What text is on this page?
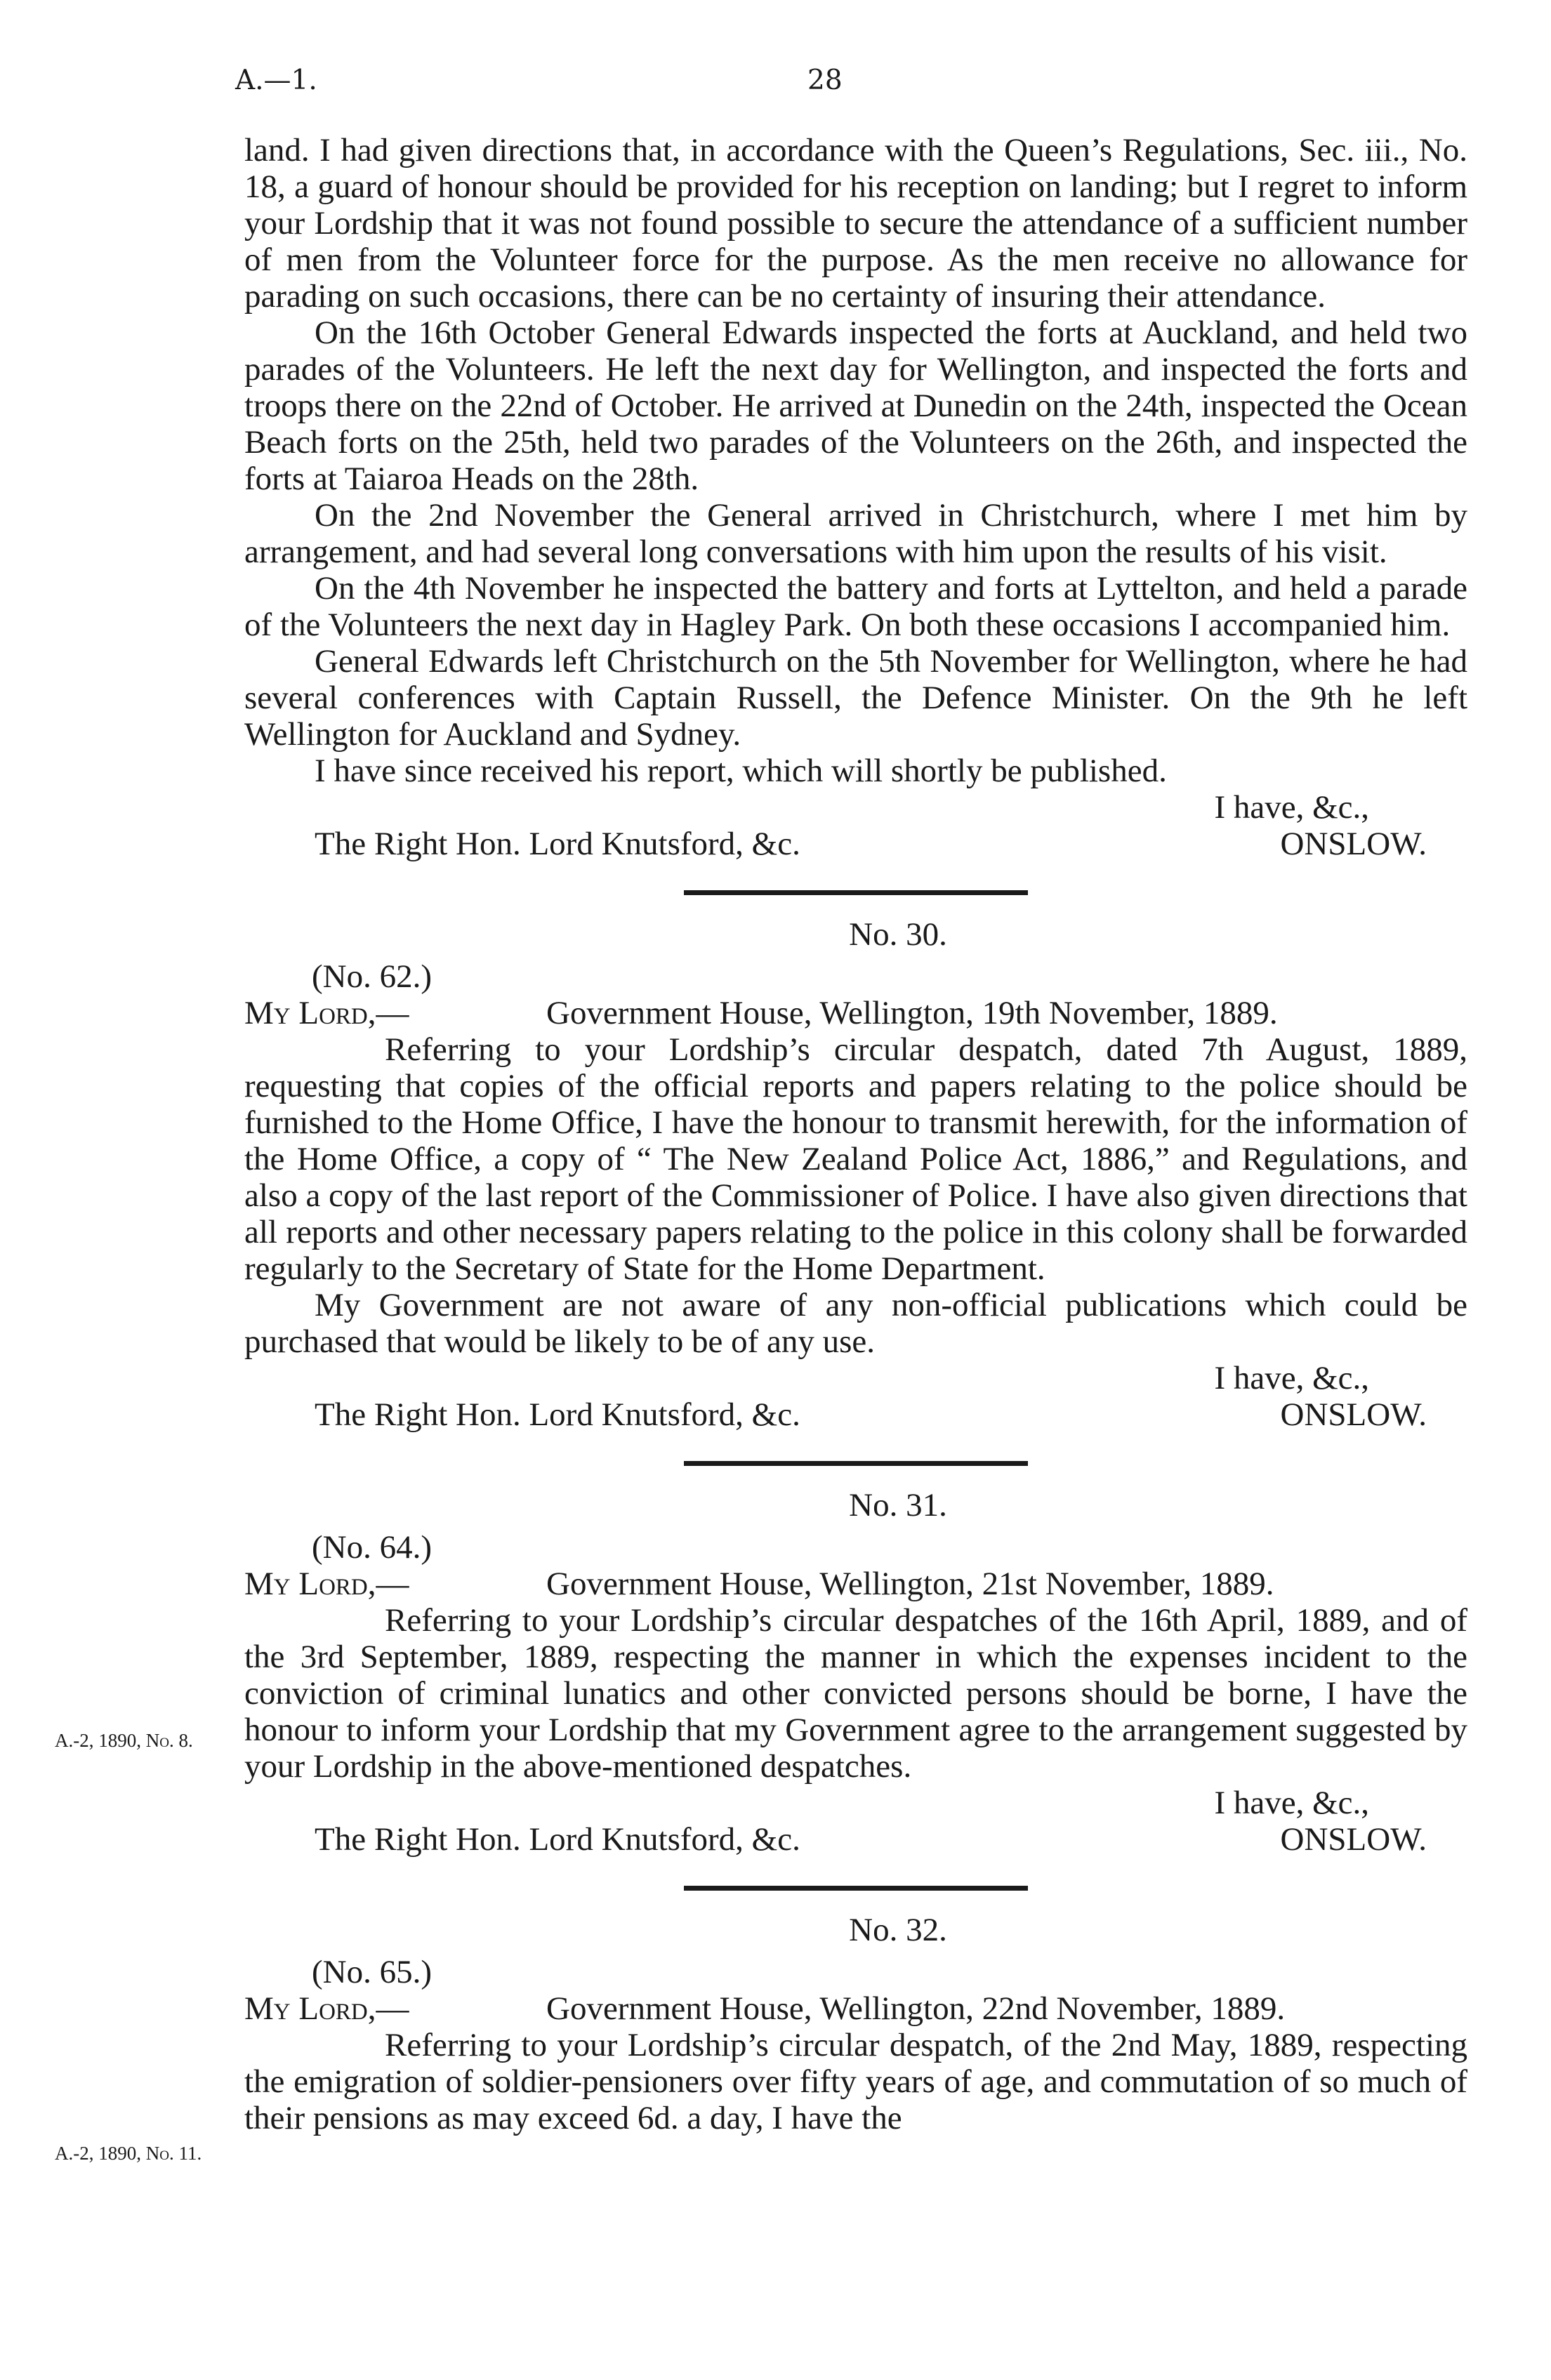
A.—1.	28
A.-2, 1890, No. 8.
A.-2, 1890, No. 11.

land. I had given directions that, in accordance with the Queen’s Regulations, Sec. iii., No. 18, a guard of honour should be provided for his reception on landing; but I regret to inform your Lordship that it was not found possible to secure the attendance of a sufficient number of men from the Volunteer force for the purpose. As the men receive no allowance for parading on such occasions, there can be no certainty of insuring their attendance.

On the 16th October General Edwards inspected the forts at Auckland, and held two parades of the Volunteers. He left the next day for Wellington, and inspected the forts and troops there on the 22nd of October. He arrived at Dunedin on the 24th, inspected the Ocean Beach forts on the 25th, held two parades of the Volunteers on the 26th, and inspected the forts at Taiaroa Heads on the 28th.

On the 2nd November the General arrived in Christchurch, where I met him by arrangement, and had several long conversations with him upon the results of his visit.

On the 4th November he inspected the battery and forts at Lyttelton, and held a parade of the Volunteers the next day in Hagley Park. On both these occasions I accompanied him.

General Edwards left Christchurch on the 5th November for Wellington, where he had several conferences with Captain Russell, the Defence Minister. On the 9th he left Wellington for Auckland and Sydney.

I have since received his report, which will shortly be published.

I have, &c.,
The Right Hon. Lord Knutsford, &c.	ONSLOW.
No. 30.
(No. 62.)
My Lord,—	Government House, Wellington, 19th November, 1889.

Referring to your Lordship’s circular despatch, dated 7th August, 1889, requesting that copies of the official reports and papers relating to the police should be furnished to the Home Office, I have the honour to transmit herewith, for the information of the Home Office, a copy of “ The New Zealand Police Act, 1886,” and Regulations, and also a copy of the last report of the Commissioner of Police. I have also given directions that all reports and other necessary papers relating to the police in this colony shall be forwarded regularly to the Secretary of State for the Home Department.

My Government are not aware of any non-official publications which could be purchased that would be likely to be of any use.

I have, &c.,
The Right Hon. Lord Knutsford, &c.	ONSLOW.
No. 31.
(No. 64.)
My Lord,—	Government House, Wellington, 21st November, 1889.

Referring to your Lordship’s circular despatches of the 16th April, 1889, and of the 3rd September, 1889, respecting the manner in which the expenses incident to the conviction of criminal lunatics and other convicted persons should be borne, I have the honour to inform your Lordship that my Government agree to the arrangement suggested by your Lordship in the above-mentioned despatches.

I have, &c.,
The Right Hon. Lord Knutsford, &c.	ONSLOW.
No. 32.
(No. 65.)
My Lord,—	Government House, Wellington, 22nd November, 1889.

Referring to your Lordship’s circular despatch, of the 2nd May, 1889, respecting the emigration of soldier-pensioners over fifty years of age, and commutation of so much of their pensions as may exceed 6d. a day, I have the
